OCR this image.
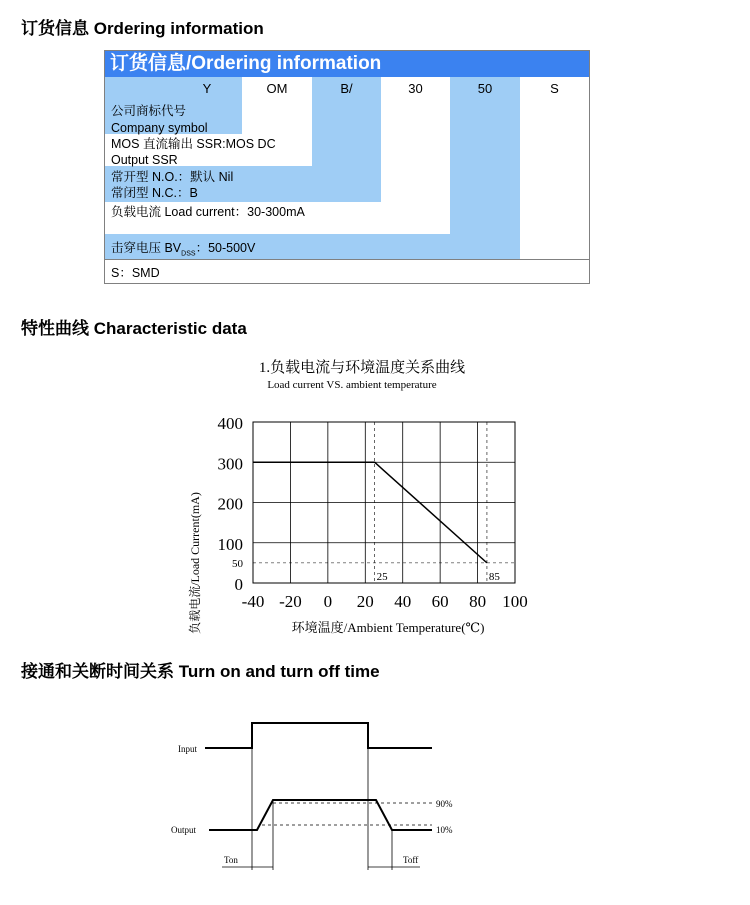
订货信息 Ordering information
订货信息/Ordering information
Y	OM	B/	30	50	S
公司商标代号
Company symbol
MOS 直流输出 SSR:MOS DC
Output SSR
常开型 N.O.：默认 Nil
常闭型 N.C.：B
负载电流 Load current：30-300mA
击穿电压 $BV_{DSS}$：50-500V
S：SMD
特性曲线 Characteristic data
1.负载电流与环境温度关系曲线
Load current VS. ambient temperature
负载电流/Load Current(mA)	环境温度/Ambient Temperature(℃)
-40 -20 0 20 40 60 80 100
400
300
200
100
50
0	25	85
接通和关断时间关系 Turn on and turn off time
Input
Output
90%
10%
Ton	Toff
